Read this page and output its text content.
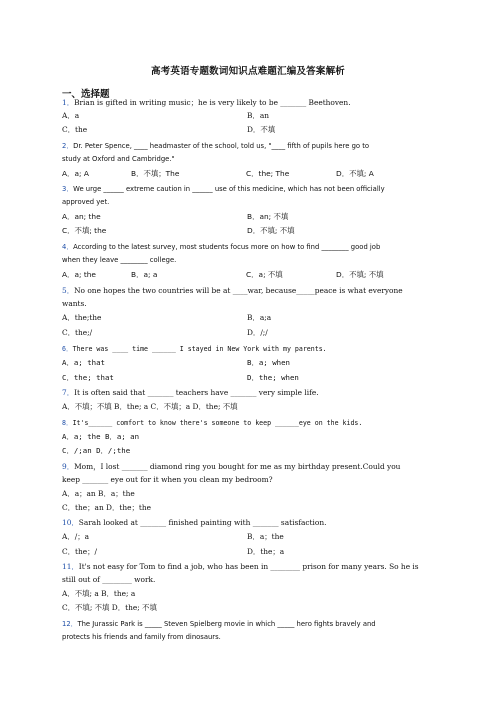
高考英语专题数词知识点难题汇编及答案解析
一、选择题
1．Brian is gifted in writing music；he is very likely to be _______ Beethoven.
A．a	B．an
C．the	D．不填
2．Dr. Peter Spence, ____ headmaster of the school, told us, "____ fifth of pupils here go to
study at Oxford and Cambridge."
A．a; A	B．不填；The	C．the; The	D．不填; A
3．We urge ______ extreme caution in ______ use of this medicine, which has not been officially
approved yet.
A．an; the	B．an; 不填
C．不填; the	D．不填; 不填
4．According to the latest survey, most students focus more on how to find ________ good job
when they leave ________ college.
A．a; the	B．a; a	C．a; 不填	D．不填; 不填
5．No one hopes the two countries will be at ____war, because_____peace is what everyone
wants.
A．the;the	B．a;a
C．the;/	D．/;/
6．There was ____ time ______ I stayed in New York with my parents.
A．a; that	B．a; when
C．the; that	D．the; when
7．It is often said that _______ teachers have _______ very simple life.
A．不填；不填 B．the; a C．不填；a D．the; 不填
8．It's______ comfort to know there's someone to keep ______eye on the kids.
A．a; the B．a; an
C．/;an D．/;the
9．Mom，I lost _______ diamond ring you bought for me as my birthday present.Could you
keep _______ eye out for it when you clean my bedroom?
A．a；an B．a；the
C．the；an D．the；the
10．Sarah looked at _______ finished painting with _______ satisfaction.
A．/；a	B．a；the
C．the；/	D．the；a
11．It's not easy for Tom to find a job, who has been in ________ prison for many years. So he is
still out of ________ work.
A．不填; a B．the; a
C．不填; 不填 D．the; 不填
12．The Jurassic Park is _____ Steven Spielberg movie in which _____ hero fights bravely and
protects his friends and family from dinosaurs.
